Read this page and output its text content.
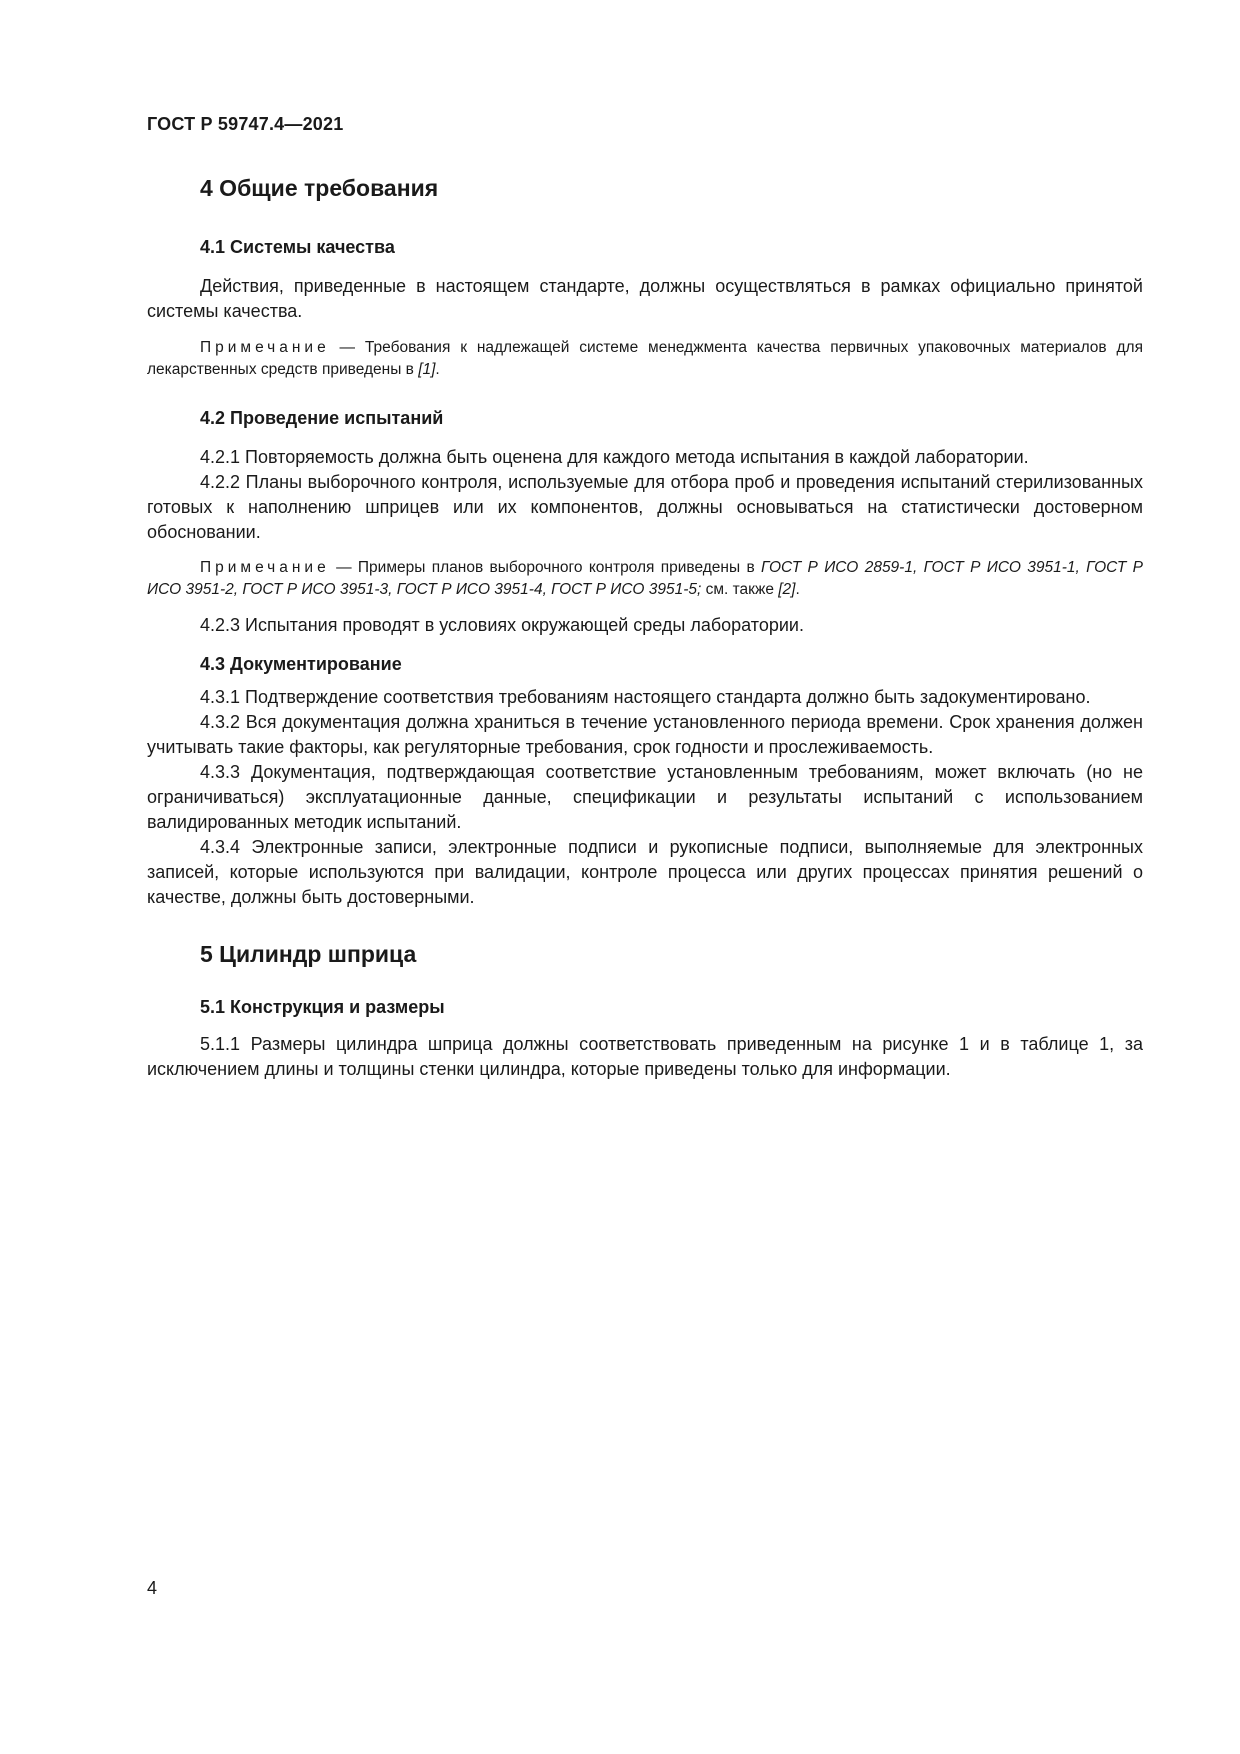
ГОСТ Р 59747.4—2021
4 Общие требования
4.1 Системы качества

Действия, приведенные в настоящем стандарте, должны осуществляться в рамках официально принятой системы качества.

Примечание — Требования к надлежащей системе менеджмента качества первичных упаковочных материалов для лекарственных средств приведены в [1].

4.2 Проведение испытаний

4.2.1 Повторяемость должна быть оценена для каждого метода испытания в каждой лаборатории.

4.2.2 Планы выборочного контроля, используемые для отбора проб и проведения испытаний стерилизованных готовых к наполнению шприцев или их компонентов, должны основываться на статистически достоверном обосновании.

Примечание — Примеры планов выборочного контроля приведены в ГОСТ Р ИСО 2859-1, ГОСТ Р ИСО 3951-1, ГОСТ Р ИСО 3951-2, ГОСТ Р ИСО 3951-3, ГОСТ Р ИСО 3951-4, ГОСТ Р ИСО 3951-5; см. также [2].

4.2.3 Испытания проводят в условиях окружающей среды лаборатории.

4.3 Документирование

4.3.1 Подтверждение соответствия требованиям настоящего стандарта должно быть задокументировано.

4.3.2 Вся документация должна храниться в течение установленного периода времени. Срок хранения должен учитывать такие факторы, как регуляторные требования, срок годности и прослеживаемость.

4.3.3 Документация, подтверждающая соответствие установленным требованиям, может включать (но не ограничиваться) эксплуатационные данные, спецификации и результаты испытаний с использованием валидированных методик испытаний.

4.3.4 Электронные записи, электронные подписи и рукописные подписи, выполняемые для электронных записей, которые используются при валидации, контроле процесса или других процессах принятия решений о качестве, должны быть достоверными.

5 Цилиндр шприца
5.1 Конструкция и размеры

5.1.1 Размеры цилиндра шприца должны соответствовать приведенным на рисунке 1 и в таблице 1, за исключением длины и толщины стенки цилиндра, которые приведены только для информации.

4
